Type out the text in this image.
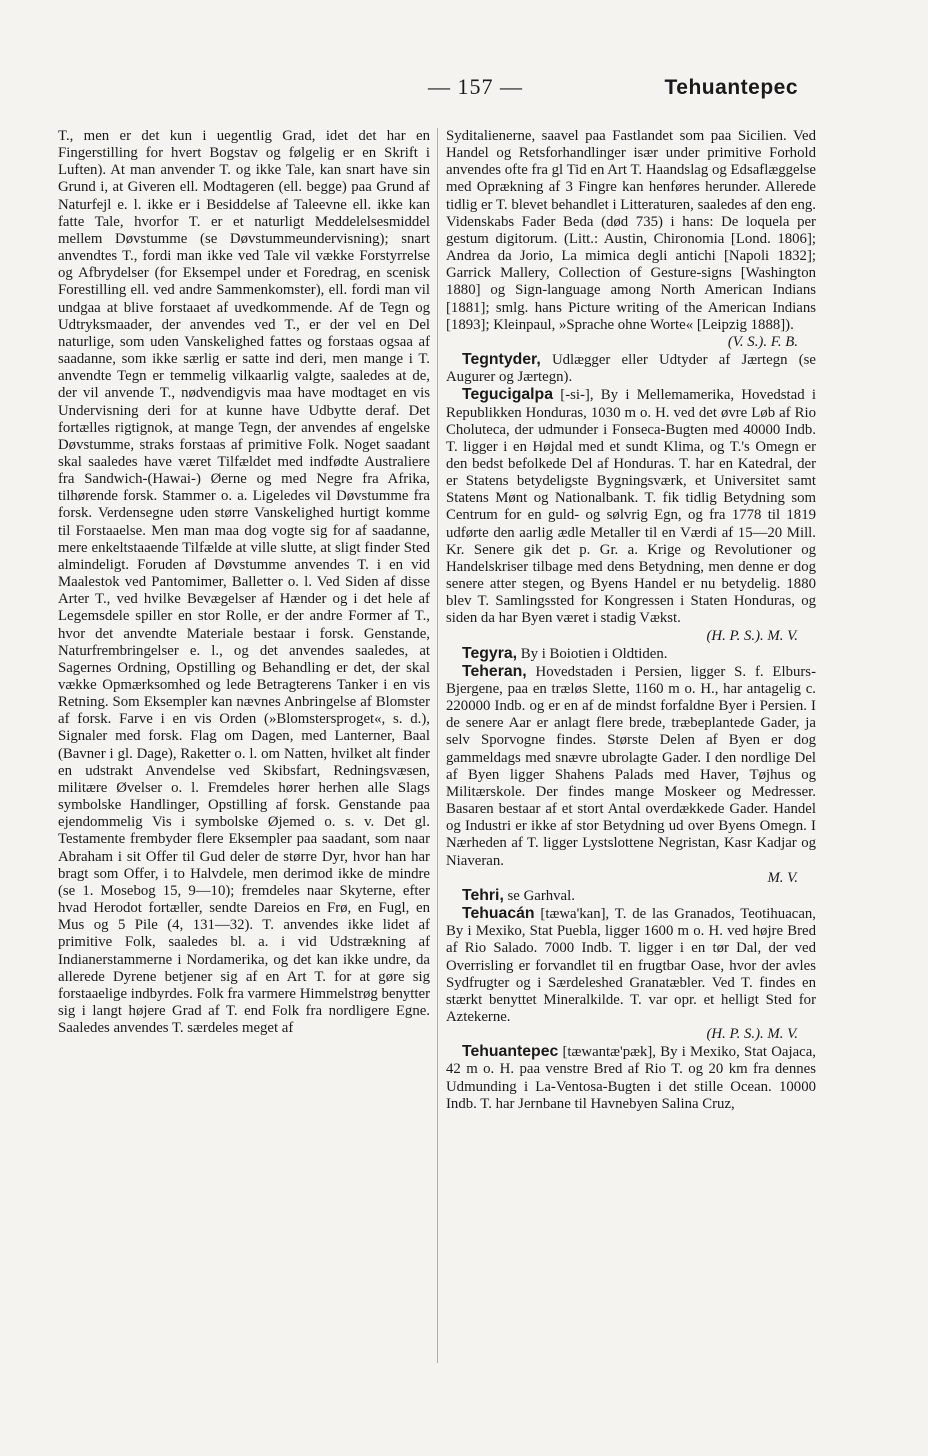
— 157 —	Tehuantepec

T., men er det kun i uegentlig Grad, idet det har en Fingerstilling for hvert Bogstav og følgelig er en Skrift i Luften). At man anvender T. og ikke Tale, kan snart have sin Grund i, at Giveren ell. Modtageren (ell. begge) paa Grund af Naturfejl e. l. ikke er i Besiddelse af Taleevne ell. ikke kan fatte Tale, hvorfor T. er et naturligt Meddelelsesmiddel mellem Døvstumme (se Døvstummeundervisning); snart anvendtes T., fordi man ikke ved Tale vil vække Forstyrrelse og Afbrydelser (for Eksempel under et Foredrag, en scenisk Forestilling ell. ved andre Sammenkomster), ell. fordi man vil undgaa at blive forstaaet af uvedkommende. Af de Tegn og Udtryksmaader, der anvendes ved T., er der vel en Del naturlige, som uden Vanskelighed fattes og forstaas ogsaa af saadanne, som ikke særlig er satte ind deri, men mange i T. anvendte Tegn er temmelig vilkaarlig valgte, saaledes at de, der vil anvende T., nødvendigvis maa have modtaget en vis Undervisning deri for at kunne have Udbytte deraf. Det fortælles rigtignok, at mange Tegn, der anvendes af engelske Døvstumme, straks forstaas af primitive Folk. Noget saadant skal saaledes have været Tilfældet med indfødte Australiere fra Sandwich-(Hawai-) Øerne og med Negre fra Afrika, tilhørende forsk. Stammer o. a. Ligeledes vil Døvstumme fra forsk. Verdensegne uden større Vanskelighed hurtigt komme til Forstaaelse. Men man maa dog vogte sig for af saadanne, mere enkeltstaaende Tilfælde at ville slutte, at sligt finder Sted almindeligt. Foruden af Døvstumme anvendes T. i en vid Maalestok ved Pantomimer, Balletter o. l. Ved Siden af disse Arter T., ved hvilke Bevægelser af Hænder og i det hele af Legemsdele spiller en stor Rolle, er der andre Former af T., hvor det anvendte Materiale bestaar i forsk. Genstande, Naturfrembringelser e. l., og det anvendes saaledes, at Sagernes Ordning, Opstilling og Behandling er det, der skal vække Opmærksomhed og lede Betragterens Tanker i en vis Retning. Som Eksempler kan nævnes Anbringelse af Blomster af forsk. Farve i en vis Orden (»Blomstersproget«, s. d.), Signaler med forsk. Flag om Dagen, med Lanterner, Baal (Bavner i gl. Dage), Raketter o. l. om Natten, hvilket alt finder en udstrakt Anvendelse ved Skibsfart, Redningsvæsen, militære Øvelser o. l. Fremdeles hører herhen alle Slags symbolske Handlinger, Opstilling af forsk. Genstande paa ejendommelig Vis i symbolske Øjemed o. s. v. Det gl. Testamente frembyder flere Eksempler paa saadant, som naar Abraham i sit Offer til Gud deler de større Dyr, hvor han har bragt som Offer, i to Halvdele, men derimod ikke de mindre (se 1. Mosebog 15, 9—10); fremdeles naar Skyterne, efter hvad Herodot fortæller, sendte Dareios en Frø, en Fugl, en Mus og 5 Pile (4, 131—32). T. anvendes ikke lidet af primitive Folk, saaledes bl. a. i vid Udstrækning af Indianerstammerne i Nordamerika, og det kan ikke undre, da allerede Dyrene betjener sig af en Art T. for at gøre sig forstaaelige indbyrdes. Folk fra varmere Himmelstrøg benytter sig i langt højere Grad af T. end Folk fra nordligere Egne. Saaledes anvendes T. særdeles meget af

Syditalienerne, saavel paa Fastlandet som paa Sicilien. Ved Handel og Retsforhandlinger især under primitive Forhold anvendes ofte fra gl Tid en Art T. Haandslag og Edsaflæggelse med Oprækning af 3 Fingre kan henføres herunder. Allerede tidlig er T. blevet behandlet i Litteraturen, saaledes af den eng. Videnskabs Fader Beda (død 735) i hans: De loquela per gestum digitorum. (Litt.: Austin, Chironomia [Lond. 1806]; Andrea da Jorio, La mimica degli antichi [Napoli 1832]; Garrick Mallery, Collection of Gesture-signs [Washington 1880] og Sign-language among North American Indians [1881]; smlg. hans Picture writing of the American Indians [1893]; Kleinpaul, »Sprache ohne Worte« [Leipzig 1888]).

(V. S.). F. B.

Tegntyder, Udlægger eller Udtyder af Jærtegn (se Augurer og Jærtegn).

Tegucigalpa [-si-], By i Mellemamerika, Hovedstad i Republikken Honduras, 1030 m o. H. ved det øvre Løb af Rio Choluteca, der udmunder i Fonseca-Bugten med 40000 Indb. T. ligger i en Højdal med et sundt Klima, og T.'s Omegn er den bedst befolkede Del af Honduras. T. har en Katedral, der er Statens betydeligste Bygningsværk, et Universitet samt Statens Mønt og Nationalbank. T. fik tidlig Betydning som Centrum for en guld- og sølvrig Egn, og fra 1778 til 1819 udførte den aarlig ædle Metaller til en Værdi af 15—20 Mill. Kr. Senere gik det p. Gr. a. Krige og Revolutioner og Handelskriser tilbage med dens Betydning, men denne er dog senere atter stegen, og Byens Handel er nu betydelig. 1880 blev T. Samlingssted for Kongressen i Staten Honduras, og siden da har Byen været i stadig Vækst.

(H. P. S.). M. V.

Tegyra, By i Boiotien i Oldtiden.

Teheran, Hovedstaden i Persien, ligger S. f. Elburs-Bjergene, paa en træløs Slette, 1160 m o. H., har antagelig c. 220000 Indb. og er en af de mindst forfaldne Byer i Persien. I de senere Aar er anlagt flere brede, træbeplantede Gader, ja selv Sporvogne findes. Største Delen af Byen er dog gammeldags med snævre ubrolagte Gader. I den nordlige Del af Byen ligger Shahens Palads med Haver, Tøjhus og Militærskole. Der findes mange Moskeer og Medresser. Basaren bestaar af et stort Antal overdækkede Gader. Handel og Industri er ikke af stor Betydning ud over Byens Omegn. I Nærheden af T. ligger Lystslottene Negristan, Kasr Kadjar og Niaveran.

M. V.

Tehri, se Garhval.

Tehuacán [tæwa'kan], T. de las Granados, Teotihuacan, By i Mexiko, Stat Puebla, ligger 1600 m o. H. ved højre Bred af Rio Salado. 7000 Indb. T. ligger i en tør Dal, der ved Overrisling er forvandlet til en frugtbar Oase, hvor der avles Sydfrugter og i Særdeleshed Granatæbler. Ved T. findes en stærkt benyttet Mineralkilde. T. var opr. et helligt Sted for Aztekerne.

(H. P. S.). M. V.

Tehuantepec [tæwantæ'pæk], By i Mexiko, Stat Oajaca, 42 m o. H. paa venstre Bred af Rio T. og 20 km fra dennes Udmunding i La-Ventosa-Bugten i det stille Ocean. 10000 Indb. T. har Jernbane til Havnebyen Salina Cruz,
